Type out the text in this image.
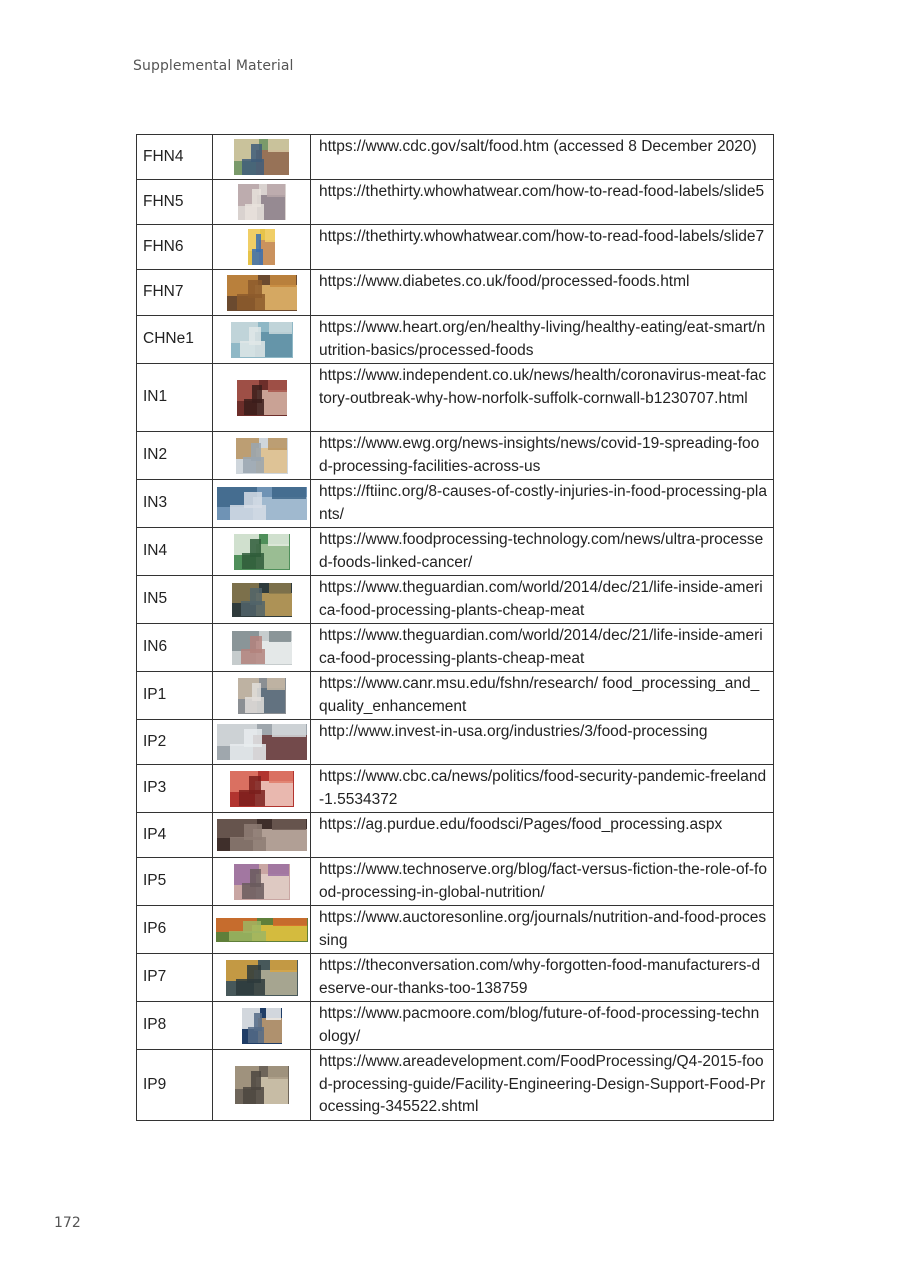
Supplemental Material
FHN4		https://www.cdc.gov/salt/food.htm (accessed 8 December 2020)
FHN5		https://thethirty.whowhatwear.com/how-to-read-food-labels/slide5
FHN6		https://thethirty.whowhatwear.com/how-to-read-food-labels/slide7
FHN7		https://www.diabetes.co.uk/food/processed-foods.html
CHNe1		https://www.heart.org/en/healthy-living/healthy-eating/eat-smart/nutrition-basics/processed-foods
IN1		https://www.independent.co.uk/news/health/coronavirus-meat-factory-outbreak-why-how-norfolk-suffolk-cornwall-b1230707.html
IN2		https://www.ewg.org/news-insights/news/covid-19-spreading-food-processing-facilities-across-us
IN3		https://ftiinc.org/8-causes-of-costly-injuries-in-food-processing-plants/
IN4		https://www.foodprocessing-technology.com/news/ultra-processed-foods-linked-cancer/
IN5		https://www.theguardian.com/world/2014/dec/21/life-inside-america-food-processing-plants-cheap-meat
IN6		https://www.theguardian.com/world/2014/dec/21/life-inside-america-food-processing-plants-cheap-meat
IP1		https://www.canr.msu.edu/fshn/research/ food_processing_and_quality_enhancement
IP2		http://www.invest-in-usa.org/industries/3/food-processing
IP3		https://www.cbc.ca/news/politics/food-security-pandemic-freeland-1.5534372
IP4		https://ag.purdue.edu/foodsci/Pages/food_processing.aspx
IP5		https://www.technoserve.org/blog/fact-versus-fiction-the-role-of-food-processing-in-global-nutrition/
IP6		https://www.auctoresonline.org/journals/nutrition-and-food-processing
IP7		https://theconversation.com/why-forgotten-food-manufacturers-deserve-our-thanks-too-138759
IP8		https://www.pacmoore.com/blog/future-of-food-processing-technology/
IP9		https://www.areadevelopment.com/FoodProcessing/Q4-2015-food-processing-guide/Facility-Engineering-Design-Support-Food-Processing-345522.shtml
172
